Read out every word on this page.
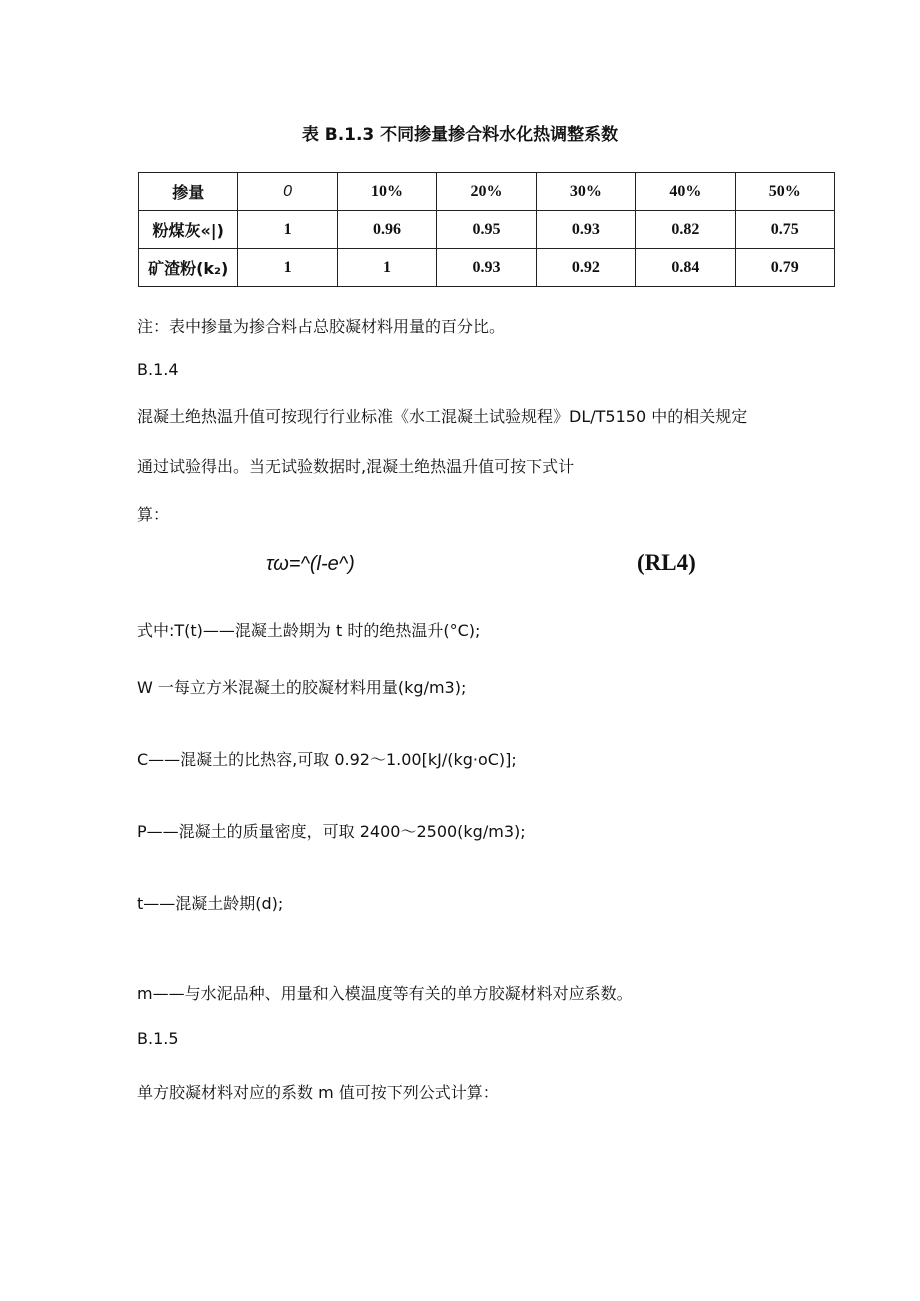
表 B.1.3 不同掺量掺合料水化热调整系数
掺量	0	10%	20%	30%	40%	50%
粉煤灰«|)	1	0.96	0.95	0.93	0.82	0.75
矿渣粉(k₂)	1	1	0.93	0.92	0.84	0.79
注：表中掺量为掺合料占总胶凝材料用量的百分比。
B.1.4
混凝土绝热温升值可按现行行业标准《水工混凝土试验规程》DL/T5150 中的相关规定
通过试验得出。当无试验数据时,混凝土绝热温升值可按下式计
算：
τω=^(l-e^)	(RL4)
式中:T(t)——混凝土龄期为 t 时的绝热温升(°C);
W 一每立方米混凝土的胶凝材料用量(kg/m3);
C——混凝土的比热容,可取 0.92～1.00[kJ/(kg·oC)];
P——混凝土的质量密度，可取 2400～2500(kg/m3);
t——混凝土龄期(d);
m——与水泥品种、用量和入模温度等有关的单方胶凝材料对应系数。
B.1.5
单方胶凝材料对应的系数 m 值可按下列公式计算：
